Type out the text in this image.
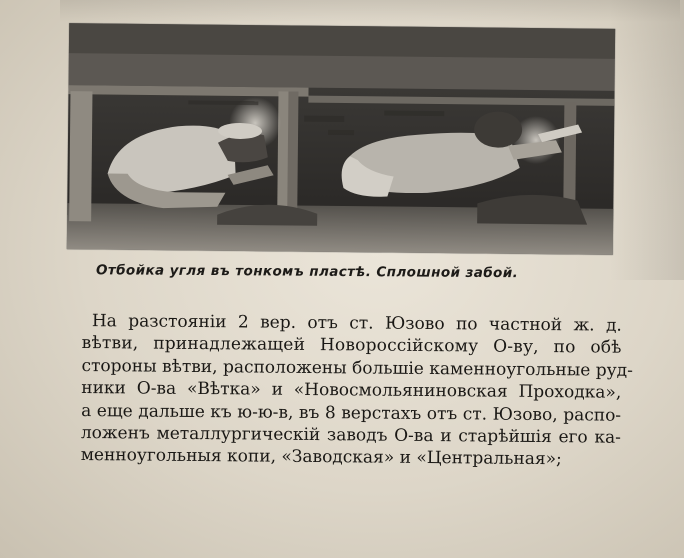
Отбойка угля въ тонкомъ пластѣ. Сплошной забой.
На разстояніи 2 вер. отъ ст. Юзово по частной ж. д.
вѣтви, принадлежащей Новороссійскому О-ву, по обѣ
стороны вѣтви, расположены большіе каменноугольные руд-
ники О-ва «Вѣтка» и «Новосмольяниновская Проходка»,
а еще дальше къ ю-ю-в, въ 8 верстахъ отъ ст. Юзово, распо-
ложенъ металлургическій заводъ О-ва и старѣйшія его ка-
менноугольныя копи, «Заводская» и «Центральная»;
